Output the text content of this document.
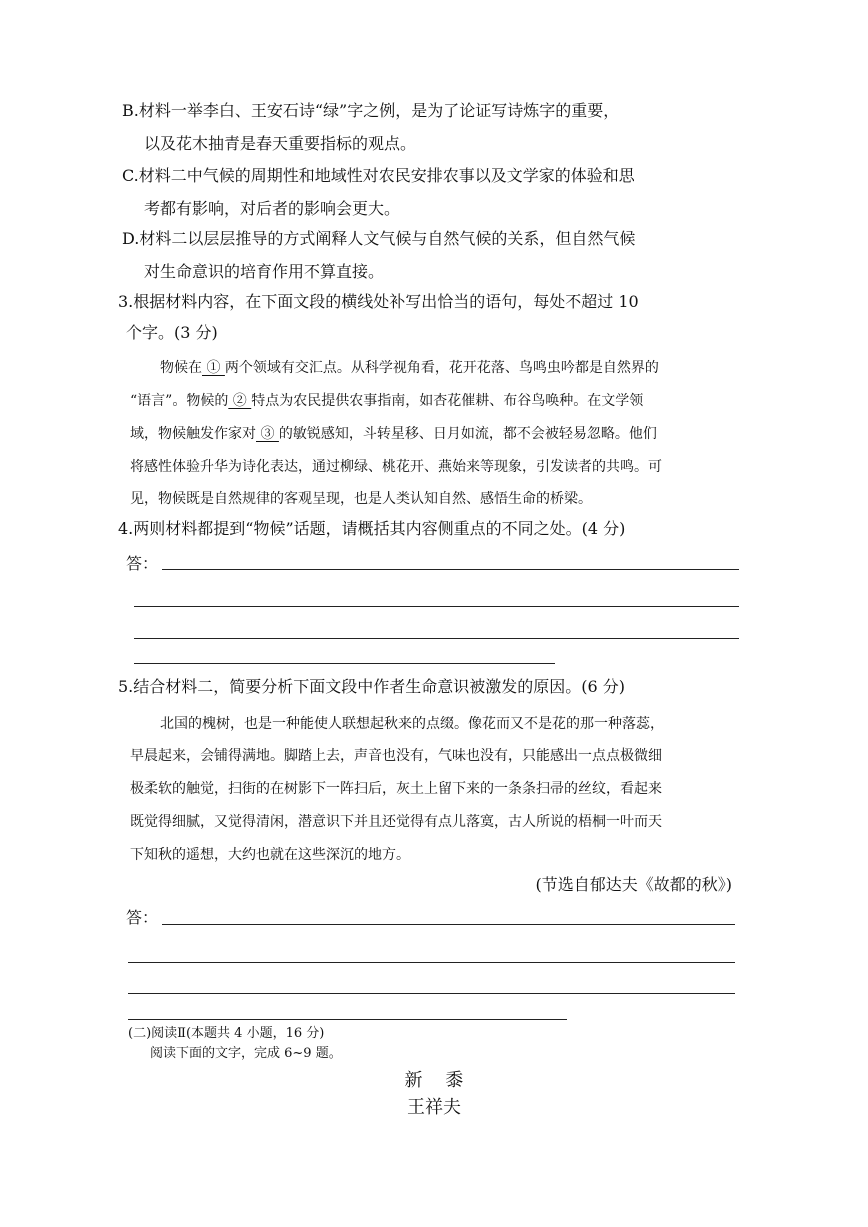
B.材料一举李白、王安石诗“绿”字之例，是为了论证写诗炼字的重要，
以及花木抽青是春天重要指标的观点。
C.材料二中气候的周期性和地域性对农民安排农事以及文学家的体验和思
考都有影响，对后者的影响会更大。
D.材料二以层层推导的方式阐释人文气候与自然气候的关系，但自然气候
对生命意识的培育作用不算直接。
3.根据材料内容，在下面文段的横线处补写出恰当的语句，每处不超过 10
个字。(3 分)
物候在 ① 两个领域有交汇点。从科学视角看，花开花落、鸟鸣虫吟都是自然界的
“语言”。物候的 ② 特点为农民提供农事指南，如杏花催耕、布谷鸟唤种。在文学领
域，物候触发作家对 ③ 的敏锐感知，斗转星移、日月如流，都不会被轻易忽略。他们
将感性体验升华为诗化表达，通过柳绿、桃花开、燕始来等现象，引发读者的共鸣。可
见，物候既是自然规律的客观呈现，也是人类认知自然、感悟生命的桥梁。
4.两则材料都提到“物候”话题，请概括其内容侧重点的不同之处。(4 分)
答：
5.结合材料二，简要分析下面文段中作者生命意识被激发的原因。(6 分)
北国的槐树，也是一种能使人联想起秋来的点缀。像花而又不是花的那一种落蕊，
早晨起来，会铺得满地。脚踏上去，声音也没有，气味也没有，只能感出一点点极微细
极柔软的触觉，扫街的在树影下一阵扫后，灰土上留下来的一条条扫帚的丝纹，看起来
既觉得细腻，又觉得清闲，潜意识下并且还觉得有点儿落寞，古人所说的梧桐一叶而天
下知秋的遥想，大约也就在这些深沉的地方。
(节选自郁达夫《故都的秋》)
答：
(二)阅读Ⅱ(本题共 4 小题，16 分)
阅读下面的文字，完成 6~9 题。
新    黍
王祥夫
